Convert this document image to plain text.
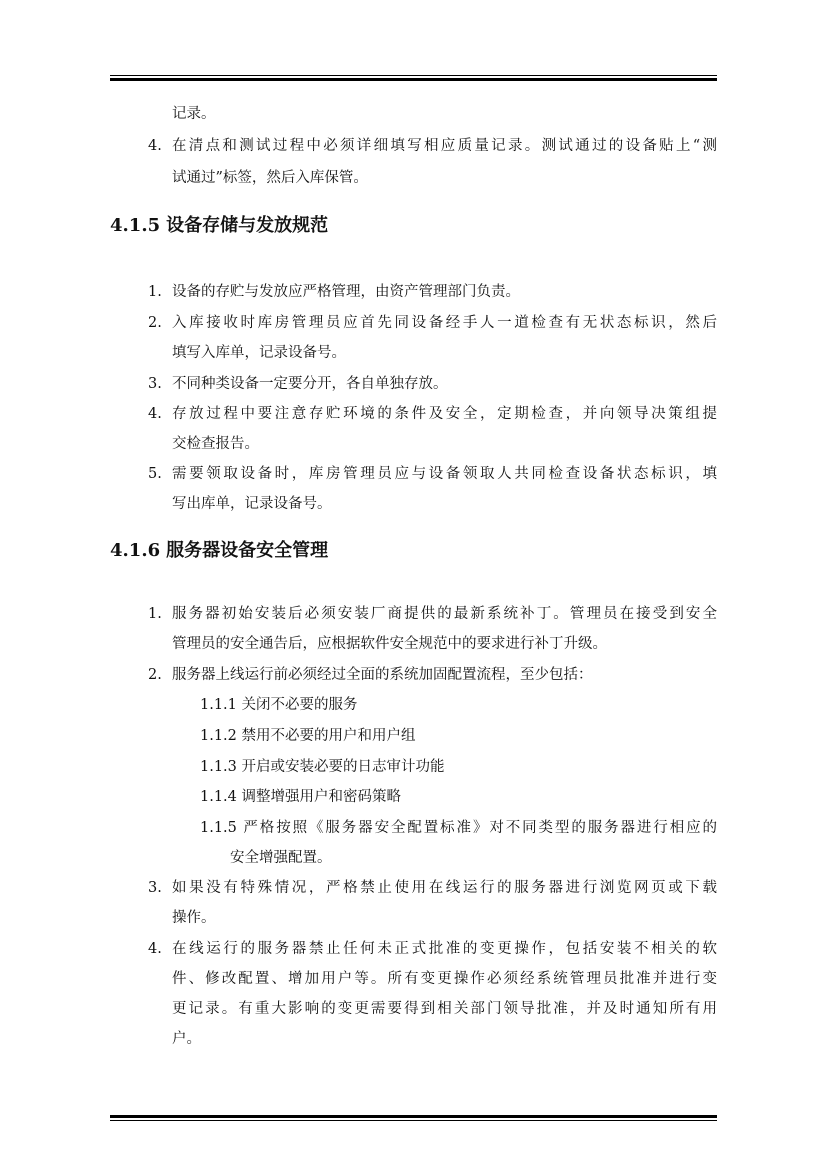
记录。
4. 在清点和测试过程中必须详细填写相应质量记录。测试通过的设备贴上“测
试通过”标签，然后入库保管。
4.1.5 设备存储与发放规范
1. 设备的存贮与发放应严格管理，由资产管理部门负责。
2. 入库接收时库房管理员应首先同设备经手人一道检查有无状态标识，然后
填写入库单，记录设备号。
3. 不同种类设备一定要分开，各自单独存放。
4. 存放过程中要注意存贮环境的条件及安全，定期检查，并向领导决策组提
交检查报告。
5. 需要领取设备时，库房管理员应与设备领取人共同检查设备状态标识，填
写出库单，记录设备号。
4.1.6 服务器设备安全管理
1. 服务器初始安装后必须安装厂商提供的最新系统补丁。管理员在接受到安全
管理员的安全通告后，应根据软件安全规范中的要求进行补丁升级。
2. 服务器上线运行前必须经过全面的系统加固配置流程，至少包括：
1.1.1 关闭不必要的服务
1.1.2 禁用不必要的用户和用户组
1.1.3 开启或安装必要的日志审计功能
1.1.4 调整增强用户和密码策略
1.1.5 严格按照《服务器安全配置标准》对不同类型的服务器进行相应的
安全增强配置。
3. 如果没有特殊情况，严格禁止使用在线运行的服务器进行浏览网页或下载
操作。
4. 在线运行的服务器禁止任何未正式批准的变更操作，包括安装不相关的软
件、修改配置、增加用户等。所有变更操作必须经系统管理员批准并进行变
更记录。有重大影响的变更需要得到相关部门领导批准，并及时通知所有用
户。
